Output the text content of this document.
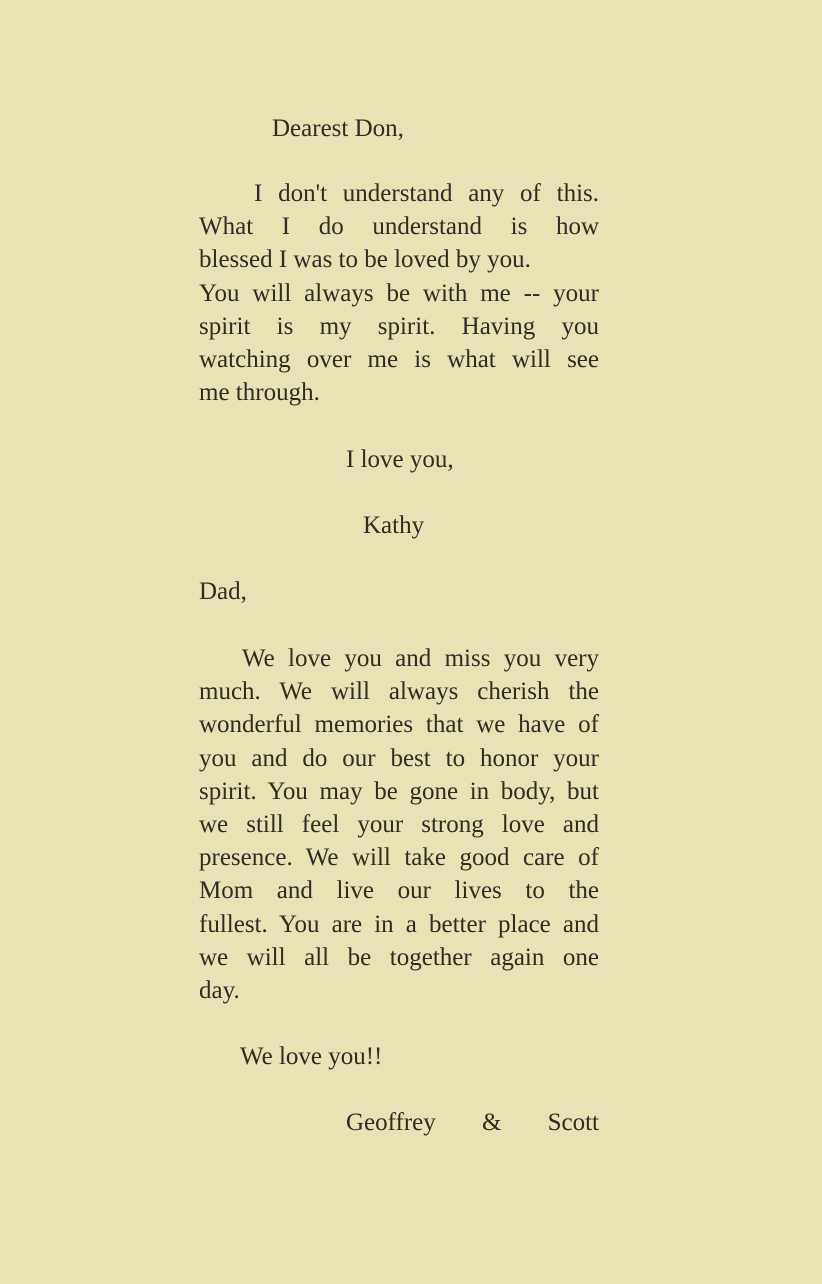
Dearest Don,
I don't understand any of this.
What I do understand is how
blessed I was to be loved by you.
You will always be with me -- your
spirit is my spirit. Having you
watching over me is what will see
me through.
I love you,
Kathy
Dad,
We love you and miss you very
much. We will always cherish the
wonderful memories that we have of
you and do our best to honor your
spirit. You may be gone in body, but
we still feel your strong love and
presence. We will take good care of
Mom and live our lives to the
fullest. You are in a better place and
we will all be together again one
day.
We love you!!
Geoffrey & Scott
